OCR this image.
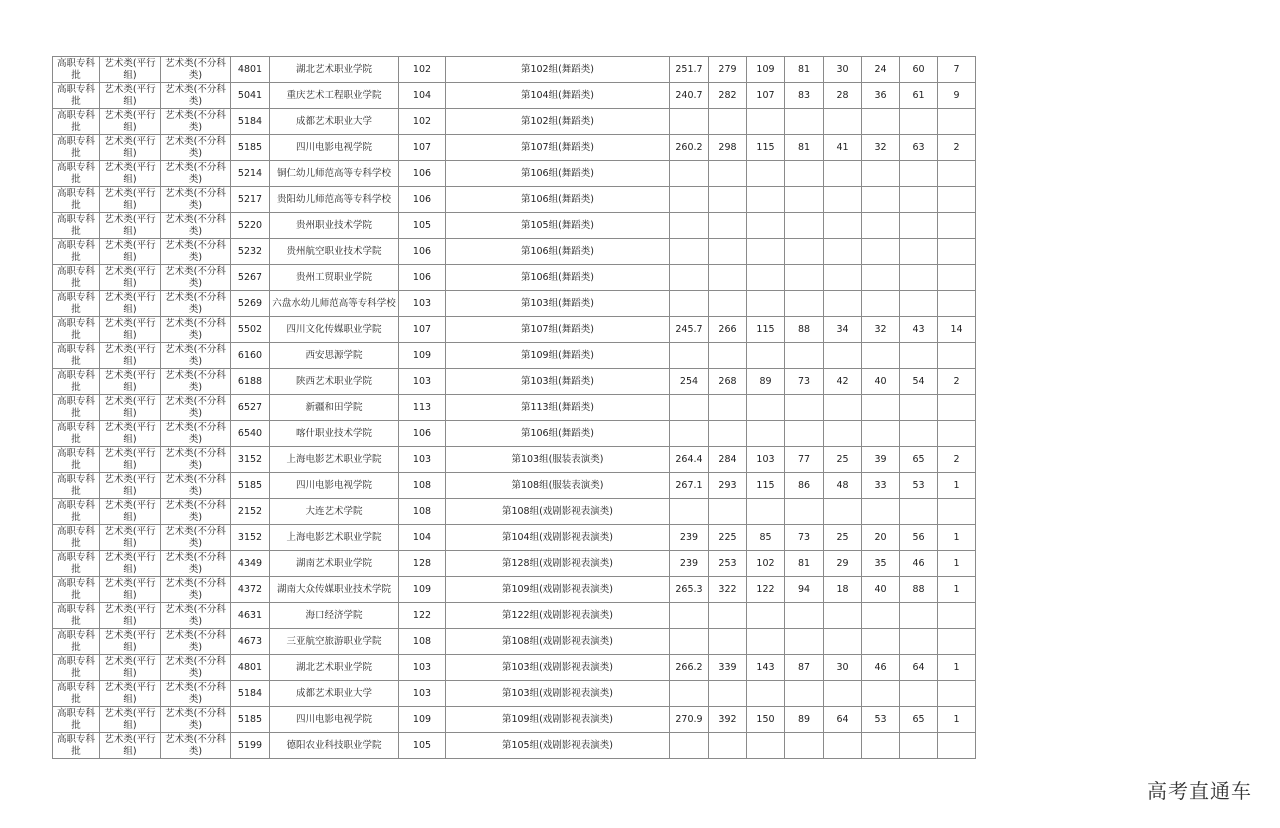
高职专科批	艺术类(平行组)	艺术类(不分科类)	4801	湖北艺术职业学院	102	第102组(舞蹈类)	251.7	279	109	81	30	24	60	7
高职专科批	艺术类(平行组)	艺术类(不分科类)	5041	重庆艺术工程职业学院	104	第104组(舞蹈类)	240.7	282	107	83	28	36	61	9
高职专科批	艺术类(平行组)	艺术类(不分科类)	5184	成都艺术职业大学	102	第102组(舞蹈类)								
高职专科批	艺术类(平行组)	艺术类(不分科类)	5185	四川电影电视学院	107	第107组(舞蹈类)	260.2	298	115	81	41	32	63	2
高职专科批	艺术类(平行组)	艺术类(不分科类)	5214	铜仁幼儿师范高等专科学校	106	第106组(舞蹈类)								
高职专科批	艺术类(平行组)	艺术类(不分科类)	5217	贵阳幼儿师范高等专科学校	106	第106组(舞蹈类)								
高职专科批	艺术类(平行组)	艺术类(不分科类)	5220	贵州职业技术学院	105	第105组(舞蹈类)								
高职专科批	艺术类(平行组)	艺术类(不分科类)	5232	贵州航空职业技术学院	106	第106组(舞蹈类)								
高职专科批	艺术类(平行组)	艺术类(不分科类)	5267	贵州工贸职业学院	106	第106组(舞蹈类)								
高职专科批	艺术类(平行组)	艺术类(不分科类)	5269	六盘水幼儿师范高等专科学校	103	第103组(舞蹈类)								
高职专科批	艺术类(平行组)	艺术类(不分科类)	5502	四川文化传媒职业学院	107	第107组(舞蹈类)	245.7	266	115	88	34	32	43	14
高职专科批	艺术类(平行组)	艺术类(不分科类)	6160	西安思源学院	109	第109组(舞蹈类)								
高职专科批	艺术类(平行组)	艺术类(不分科类)	6188	陕西艺术职业学院	103	第103组(舞蹈类)	254	268	89	73	42	40	54	2
高职专科批	艺术类(平行组)	艺术类(不分科类)	6527	新疆和田学院	113	第113组(舞蹈类)								
高职专科批	艺术类(平行组)	艺术类(不分科类)	6540	喀什职业技术学院	106	第106组(舞蹈类)								
高职专科批	艺术类(平行组)	艺术类(不分科类)	3152	上海电影艺术职业学院	103	第103组(服装表演类)	264.4	284	103	77	25	39	65	2
高职专科批	艺术类(平行组)	艺术类(不分科类)	5185	四川电影电视学院	108	第108组(服装表演类)	267.1	293	115	86	48	33	53	1
高职专科批	艺术类(平行组)	艺术类(不分科类)	2152	大连艺术学院	108	第108组(戏剧影视表演类)								
高职专科批	艺术类(平行组)	艺术类(不分科类)	3152	上海电影艺术职业学院	104	第104组(戏剧影视表演类)	239	225	85	73	25	20	56	1
高职专科批	艺术类(平行组)	艺术类(不分科类)	4349	湖南艺术职业学院	128	第128组(戏剧影视表演类)	239	253	102	81	29	35	46	1
高职专科批	艺术类(平行组)	艺术类(不分科类)	4372	湖南大众传媒职业技术学院	109	第109组(戏剧影视表演类)	265.3	322	122	94	18	40	88	1
高职专科批	艺术类(平行组)	艺术类(不分科类)	4631	海口经济学院	122	第122组(戏剧影视表演类)								
高职专科批	艺术类(平行组)	艺术类(不分科类)	4673	三亚航空旅游职业学院	108	第108组(戏剧影视表演类)								
高职专科批	艺术类(平行组)	艺术类(不分科类)	4801	湖北艺术职业学院	103	第103组(戏剧影视表演类)	266.2	339	143	87	30	46	64	1
高职专科批	艺术类(平行组)	艺术类(不分科类)	5184	成都艺术职业大学	103	第103组(戏剧影视表演类)								
高职专科批	艺术类(平行组)	艺术类(不分科类)	5185	四川电影电视学院	109	第109组(戏剧影视表演类)	270.9	392	150	89	64	53	65	1
高职专科批	艺术类(平行组)	艺术类(不分科类)	5199	德阳农业科技职业学院	105	第105组(戏剧影视表演类)								
高考直通车
